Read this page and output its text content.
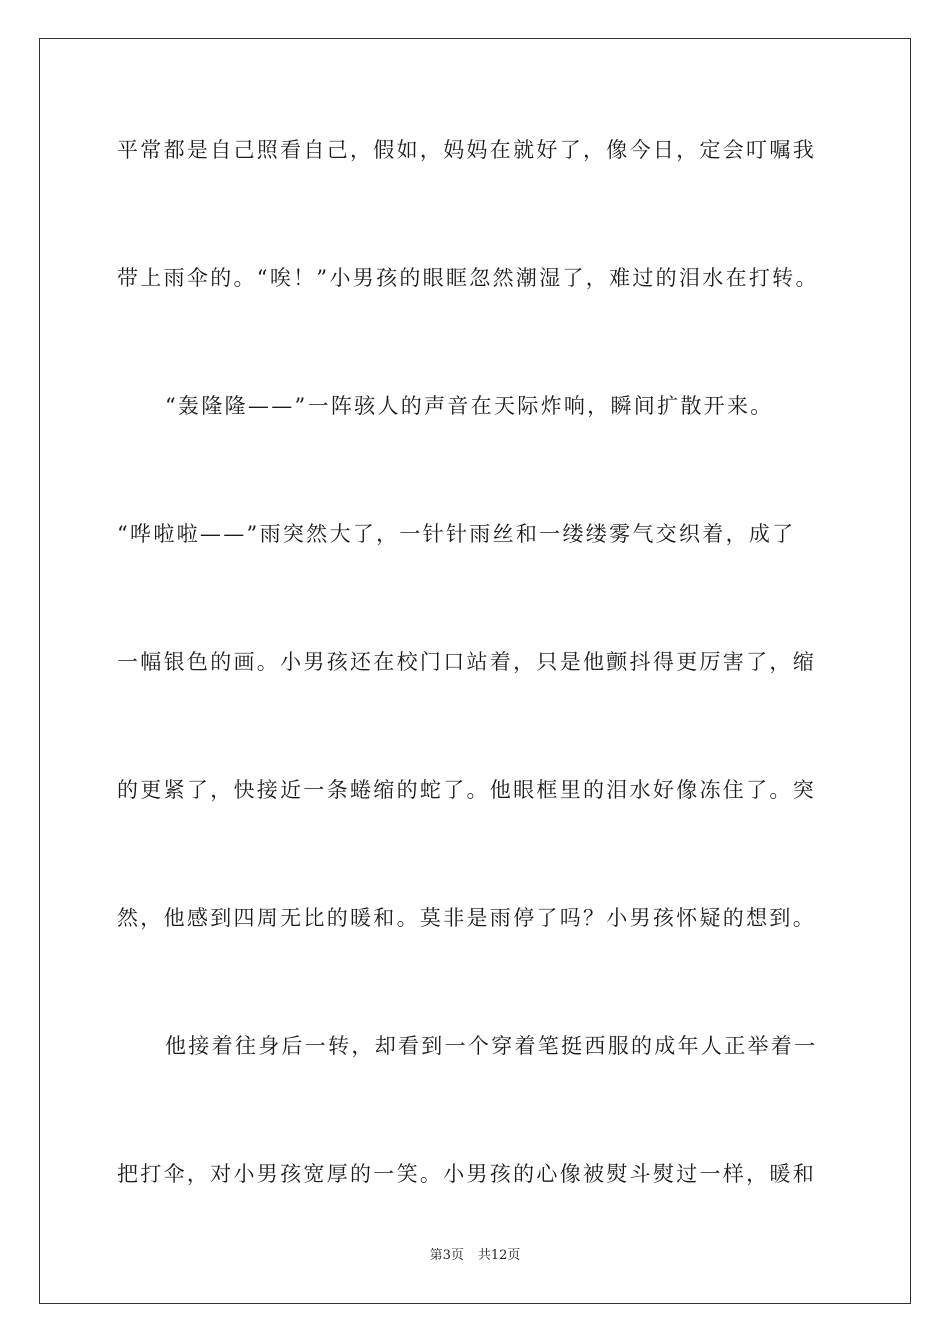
平常都是自己照看自己，假如，妈妈在就好了，像今日，定会叮嘱我
带上雨伞的。“唉！”小男孩的眼眶忽然潮湿了，难过的泪水在打转。
“轰隆隆——”一阵骇人的声音在天际炸响，瞬间扩散开来。
“哗啦啦——”雨突然大了，一针针雨丝和一缕缕雾气交织着，成了
一幅银色的画。小男孩还在校门口站着，只是他颤抖得更厉害了，缩
的更紧了，快接近一条蜷缩的蛇了。他眼框里的泪水好像冻住了。突
然，他感到四周无比的暖和。莫非是雨停了吗？小男孩怀疑的想到。
他接着往身后一转，却看到一个穿着笔挺西服的成年人正举着一
把打伞，对小男孩宽厚的一笑。小男孩的心像被熨斗熨过一样，暖和
第3页 共12页
